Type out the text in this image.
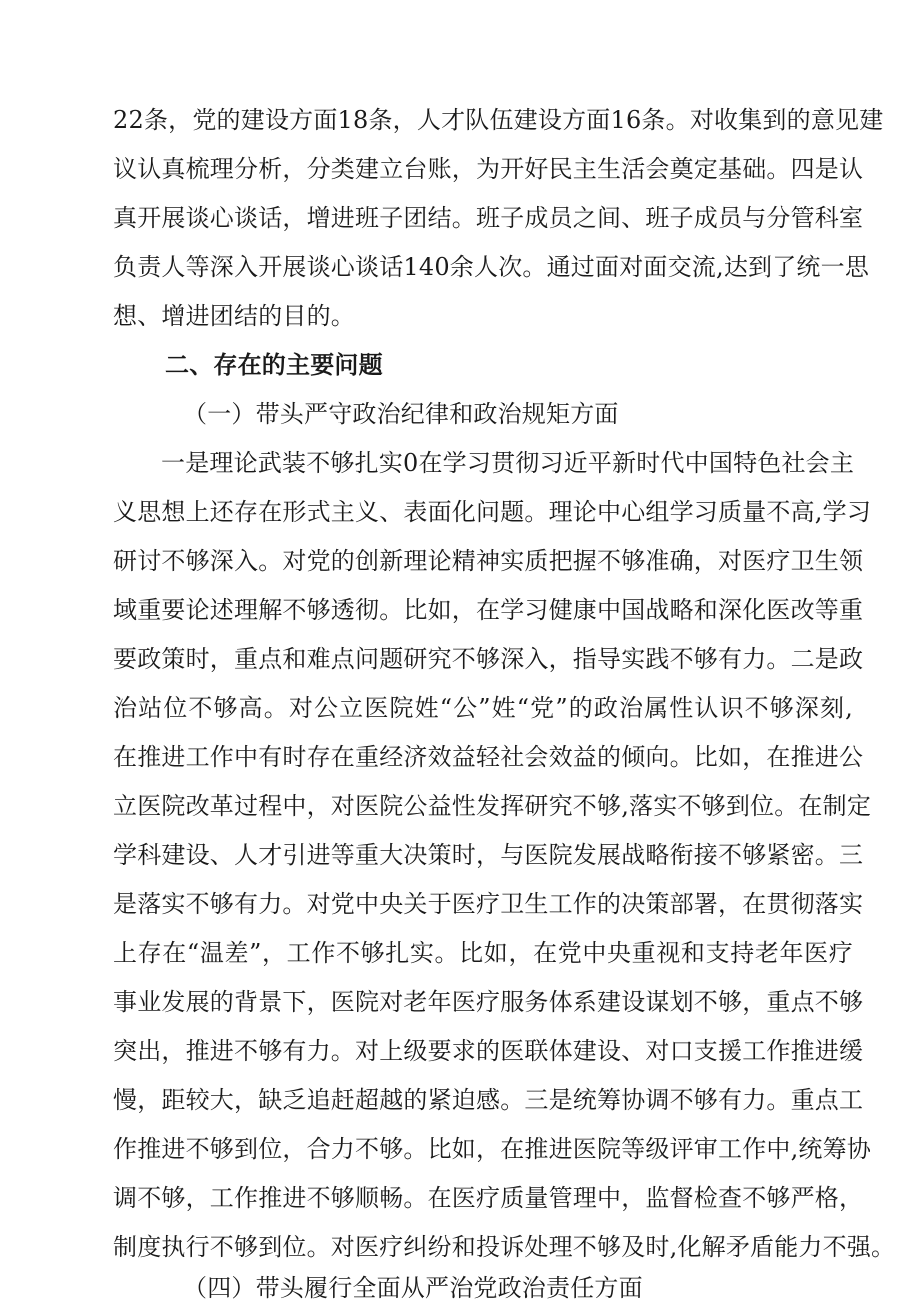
22条，党的建设方面18条，人才队伍建设方面16条。对收集到的意见建
议认真梳理分析，分类建立台账，为开好民主生活会奠定基础。四是认
真开展谈心谈话，增进班子团结。班子成员之间、班子成员与分管科室
负责人等深入开展谈心谈话140余人次。通过面对面交流,达到了统一思
想、增进团结的目的。
二、存在的主要问题
（一）带头严守政治纪律和政治规矩方面
一是理论武装不够扎实0在学习贯彻习近平新时代中国特色社会主
义思想上还存在形式主义、表面化问题。理论中心组学习质量不高,学习
研讨不够深入。对党的创新理论精神实质把握不够准确，对医疗卫生领
域重要论述理解不够透彻。比如，在学习健康中国战略和深化医改等重
要政策时，重点和难点问题研究不够深入，指导实践不够有力。二是政
治站位不够高。对公立医院姓“公”姓“党”的政治属性认识不够深刻,
在推进工作中有时存在重经济效益轻社会效益的倾向。比如，在推进公
立医院改革过程中，对医院公益性发挥研究不够,落实不够到位。在制定
学科建设、人才引进等重大决策时，与医院发展战略衔接不够紧密。三
是落实不够有力。对党中央关于医疗卫生工作的决策部署，在贯彻落实
上存在“温差”，工作不够扎实。比如，在党中央重视和支持老年医疗
事业发展的背景下，医院对老年医疗服务体系建设谋划不够，重点不够
突出，推进不够有力。对上级要求的医联体建设、对口支援工作推进缓
慢，距较大，缺乏追赶超越的紧迫感。三是统筹协调不够有力。重点工
作推进不够到位，合力不够。比如，在推进医院等级评审工作中,统筹协
调不够，工作推进不够顺畅。在医疗质量管理中，监督检查不够严格，
制度执行不够到位。对医疗纠纷和投诉处理不够及时,化解矛盾能力不强。
（四）带头履行全面从严治党政治责任方面
